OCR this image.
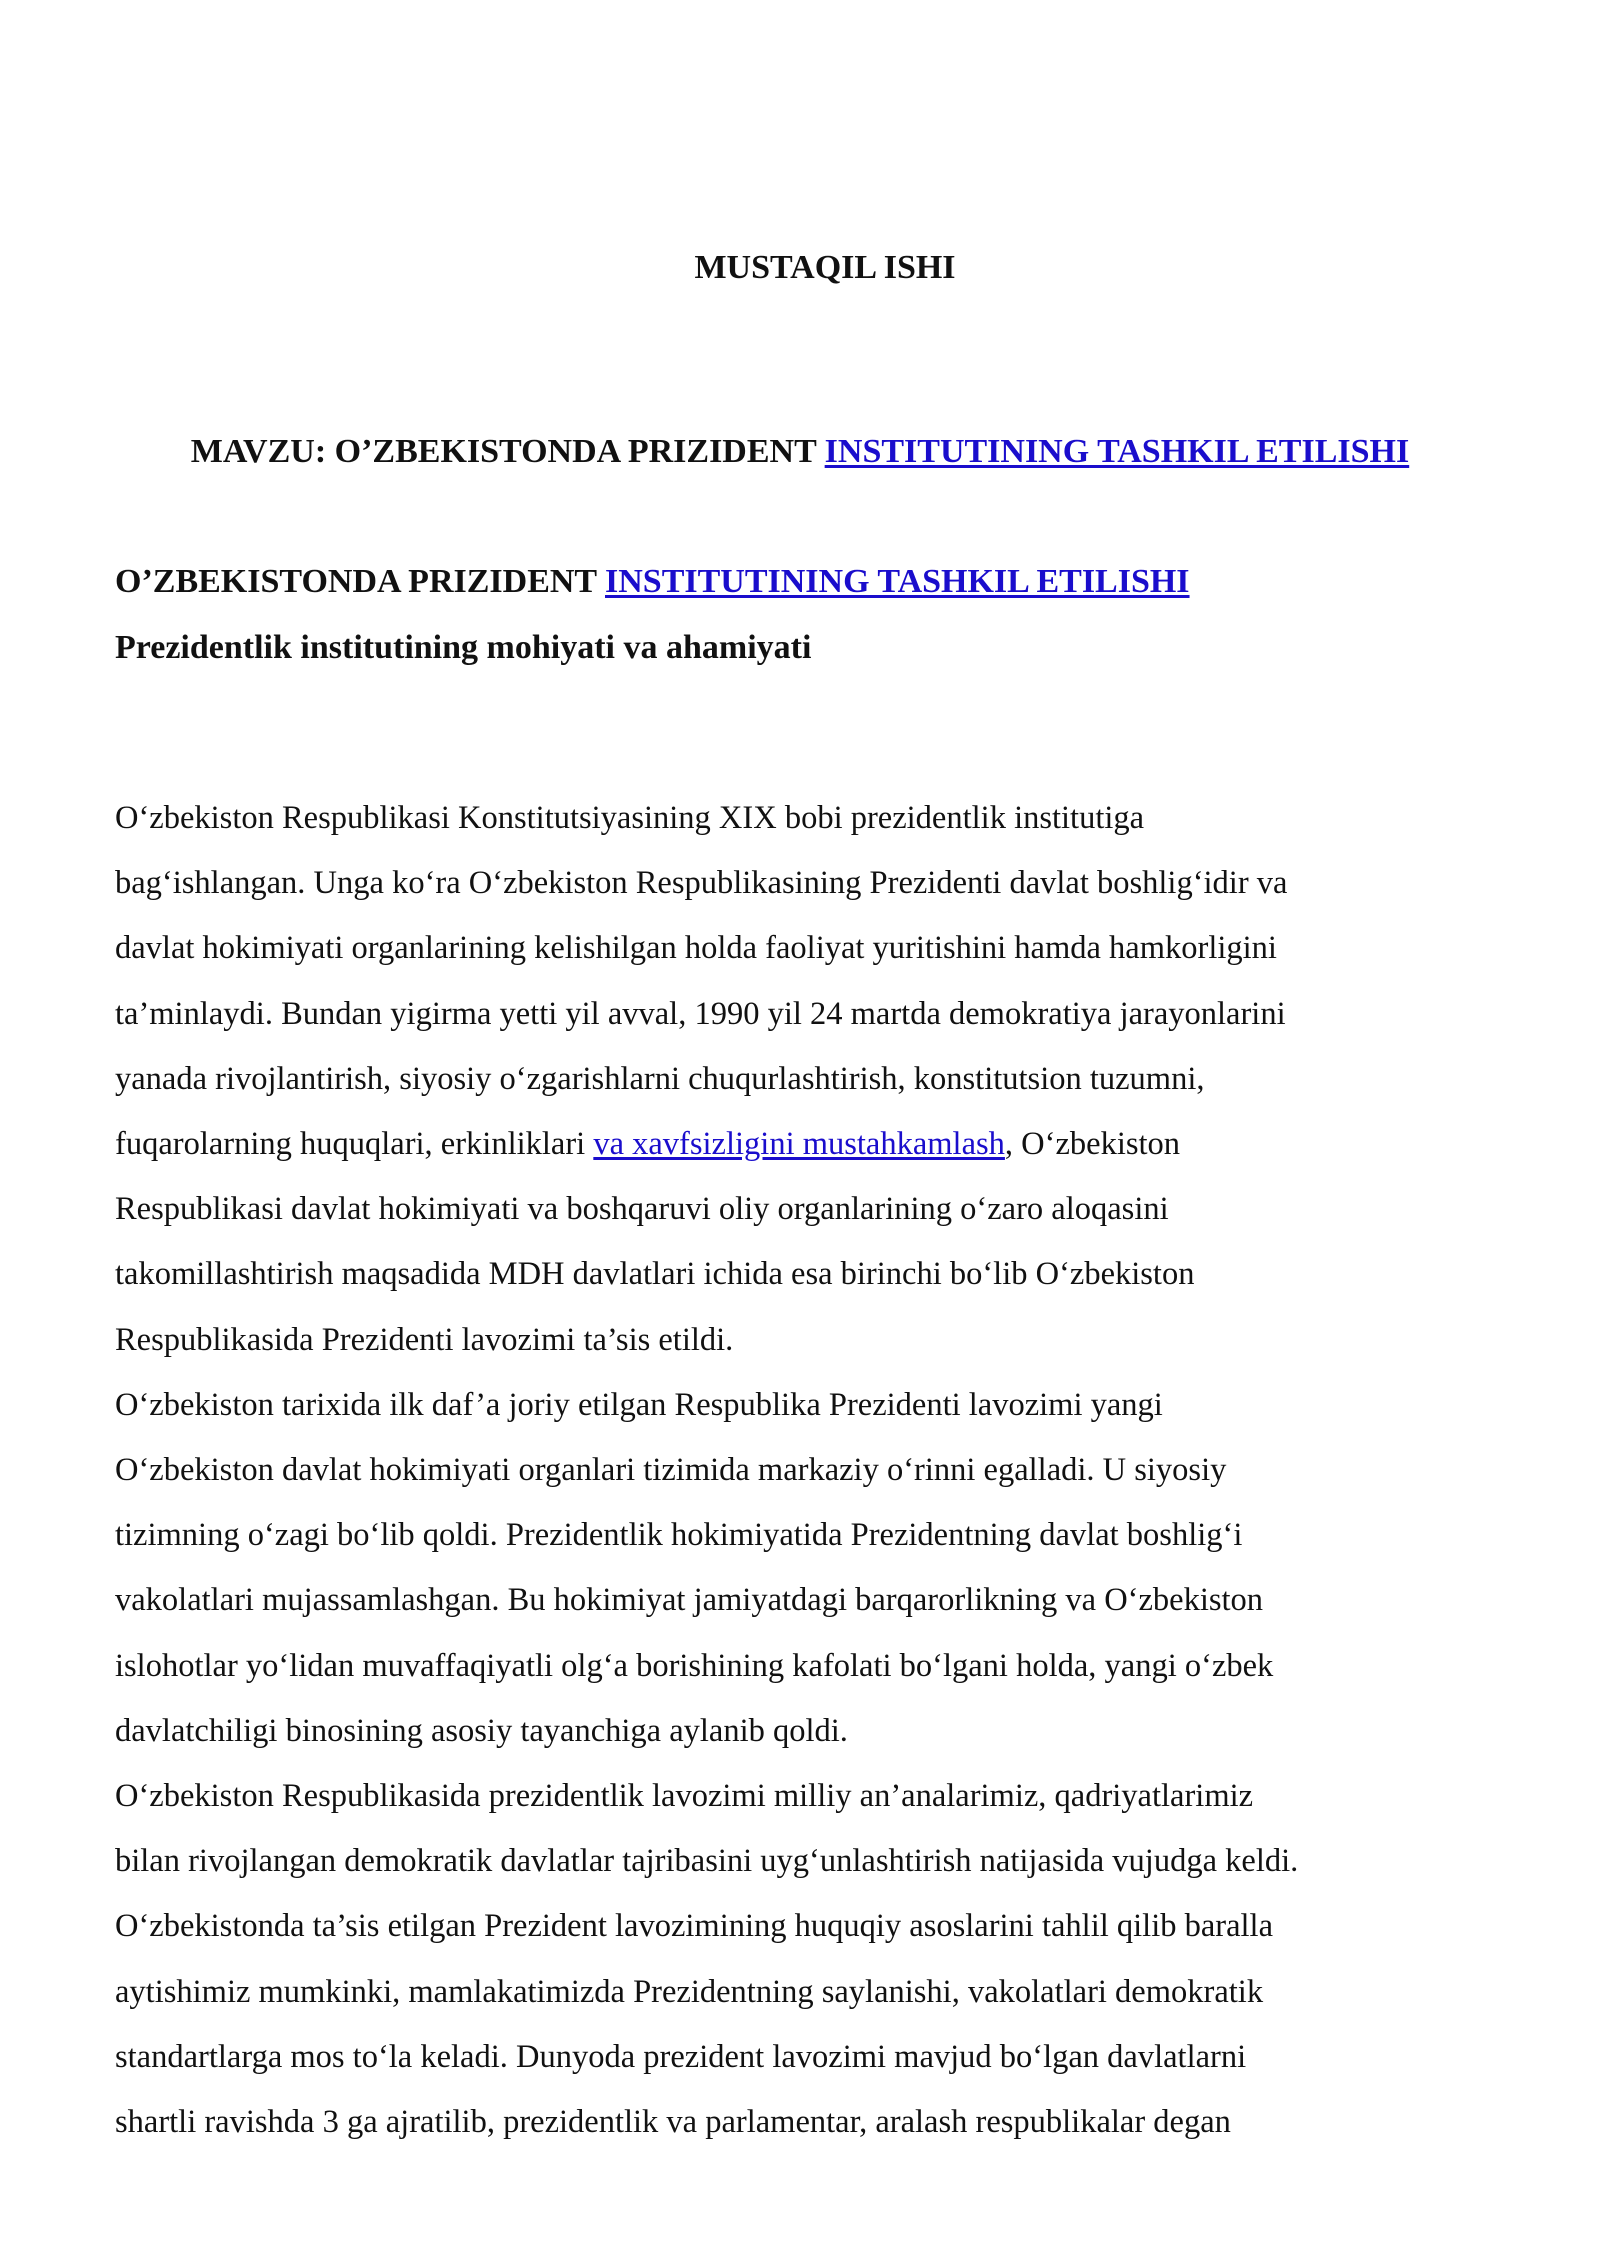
MUSTAQIL ISHI
MAVZU: O’ZBEKISTONDA PRIZIDENT INSTITUTINING TASHKIL ETILISHI
O’ZBEKISTONDA PRIZIDENT INSTITUTINING TASHKIL ETILISHI
Prezidentlik institutining mohiyati va ahamiyati
O‘zbekiston Respublikasi Konstitutsiyasining XIX bobi prezidentlik institutiga
bag‘ishlangan. Unga ko‘ra O‘zbekiston Respublikasining Prezidenti davlat boshlig‘idir va
davlat hokimiyati organlarining kelishilgan holda faoliyat yuritishini hamda hamkorligini
ta’minlaydi. Bundan yigirma yetti yil avval, 1990 yil 24 martda demokratiya jarayonlarini
yanada rivojlantirish, siyosiy o‘zgarishlarni chuqurlashtirish, konstitutsion tuzumni,
fuqarolarning huquqlari, erkinliklari va xavfsizligini mustahkamlash, O‘zbekiston
Respublikasi davlat hokimiyati va boshqaruvi oliy organlarining o‘zaro aloqasini
takomillashtirish maqsadida MDH davlatlari ichida esa birinchi bo‘lib O‘zbekiston
Respublikasida Prezidenti lavozimi ta’sis etildi.
O‘zbekiston tarixida ilk daf’a joriy etilgan Respublika Prezidenti lavozimi yangi
O‘zbekiston davlat hokimiyati organlari tizimida markaziy o‘rinni egalladi. U siyosiy
tizimning o‘zagi bo‘lib qoldi. Prezidentlik hokimiyatida Prezidentning davlat boshlig‘i
vakolatlari mujassamlashgan. Bu hokimiyat jamiyatdagi barqarorlikning va O‘zbekiston
islohotlar yo‘lidan muvaffaqiyatli olg‘a borishining kafolati bo‘lgani holda, yangi o‘zbek
davlatchiligi binosining asosiy tayanchiga aylanib qoldi.
O‘zbekiston Respublikasida prezidentlik lavozimi milliy an’analarimiz, qadriyatlarimiz
bilan rivojlangan demokratik davlatlar tajribasini uyg‘unlashtirish natijasida vujudga keldi.
O‘zbekistonda ta’sis etilgan Prezident lavozimining huquqiy asoslarini tahlil qilib baralla
aytishimiz mumkinki, mamlakatimizda Prezidentning saylanishi, vakolatlari demokratik
standartlarga mos to‘la keladi. Dunyoda prezident lavozimi mavjud bo‘lgan davlatlarni
shartli ravishda 3 ga ajratilib, prezidentlik va parlamentar, aralash respublikalar degan
